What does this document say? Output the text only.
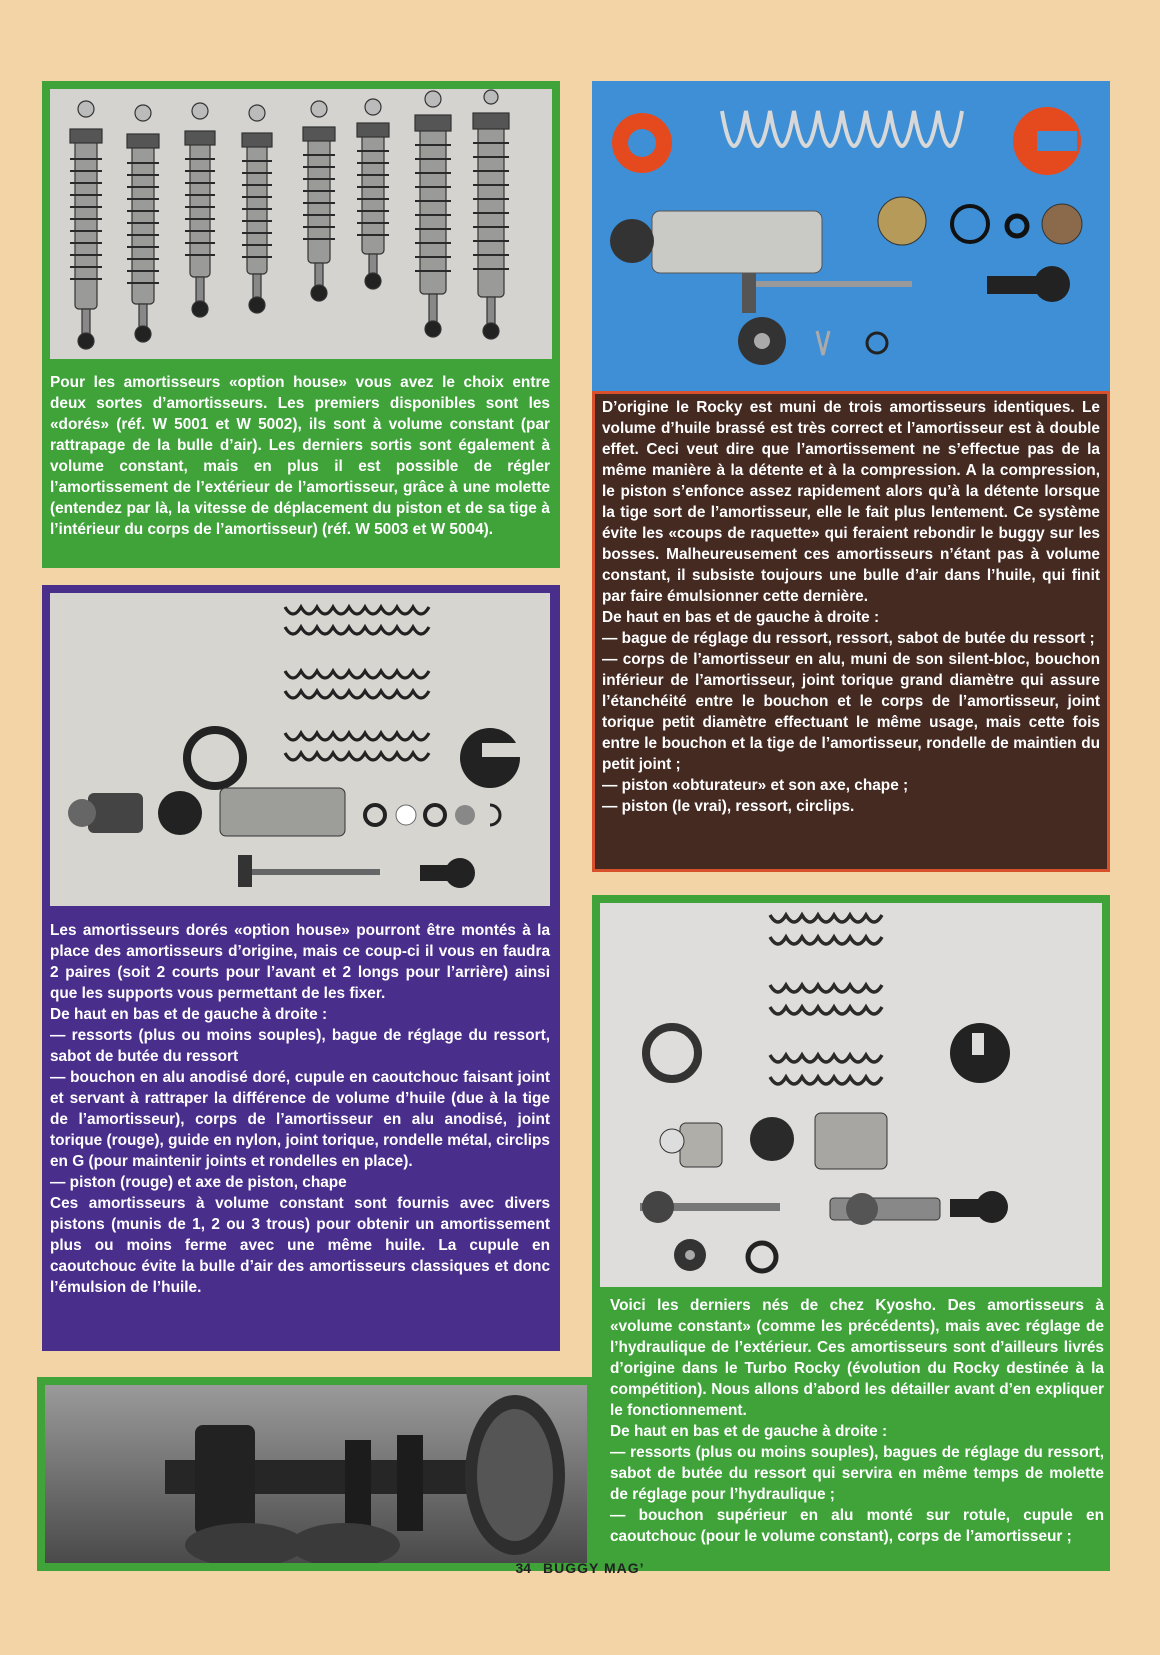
Pour les amortisseurs «option house» vous avez le choix entre deux sortes d’amortisseurs. Les premiers disponibles sont les «dorés» (réf. W 5001 et W 5002), ils sont à volume constant (par rattrapage de la bulle d’air). Les derniers sortis sont également à volume constant, mais en plus il est possible de régler l’amortissement de l’extérieur de l’amortisseur, grâce à une molette (entendez par là, la vitesse de déplacement du piston et de sa tige à l’intérieur du corps de l’amortisseur) (réf. W 5003 et W 5004).

D’origine le Rocky est muni de trois amortisseurs identiques. Le volume d’huile brassé est très correct et l’amortisseur est à double effet. Ceci veut dire que l’amortissement ne s’effectue pas de la même manière à la détente et à la compression. A la compression, le piston s’enfonce assez rapidement alors qu’à la détente lorsque la tige sort de l’amortisseur, elle le fait plus lentement. Ce système évite les «coups de raquette» qui feraient rebondir le buggy sur les bosses. Malheureusement ces amortisseurs n’étant pas à volume constant, il subsiste toujours une bulle d’air dans l’huile, qui finit par faire émulsionner cette dernière.
De haut en bas et de gauche à droite :
— bague de réglage du ressort, ressort, sabot de butée du ressort ;
— corps de l’amortisseur en alu, muni de son silent-bloc, bouchon inférieur de l’amortisseur, joint torique grand diamètre qui assure l’étanchéité entre le bouchon et le corps de l’amortisseur, joint torique petit diamètre effectuant le même usage, mais cette fois entre le bouchon et la tige de l’amortisseur, rondelle de maintien du petit joint ;
— piston «obturateur» et son axe, chape ;
— piston (le vrai), ressort, circlips.

Les amortisseurs dorés «option house» pourront être montés à la place des amortisseurs d’origine, mais ce coup-ci il vous en faudra 2 paires (soit 2 courts pour l’avant et 2 longs pour l’arrière) ainsi que les supports vous permettant de les fixer.
De haut en bas et de gauche à droite :
— ressorts (plus ou moins souples), bague de réglage du ressort, sabot de butée du ressort
— bouchon en alu anodisé doré, cupule en caoutchouc faisant joint et servant à rattraper la différence de volume d’huile (due à la tige de l’amortisseur), corps de l’amortisseur en alu anodisé, joint torique (rouge), guide en nylon, joint torique, rondelle métal, circlips en G (pour maintenir joints et rondelles en place).
— piston (rouge) et axe de piston, chape
Ces amortisseurs à volume constant sont fournis avec divers pistons (munis de 1, 2 ou 3 trous) pour obtenir un amortissement plus ou moins ferme avec une même huile. La cupule en caoutchouc évite la bulle d’air des amortisseurs classiques et donc l’émulsion de l’huile.

Voici les derniers nés de chez Kyosho. Des amortisseurs à «volume constant» (comme les précédents), mais avec réglage de l’hydraulique de l’extérieur. Ces amortisseurs sont d’ailleurs livrés d’origine dans le Turbo Rocky (évolution du Rocky destinée à la compétition). Nous allons d’abord les détailler avant d’en expliquer le fonctionnement.
De haut en bas et de gauche à droite :
— ressorts (plus ou moins souples), bagues de réglage du ressort, sabot de butée du ressort qui servira en même temps de molette de réglage pour l’hydraulique ;
— bouchon supérieur en alu monté sur rotule, cupule en caoutchouc (pour le volume constant), corps de l’amortisseur ;

34 BUGGY MAG’
